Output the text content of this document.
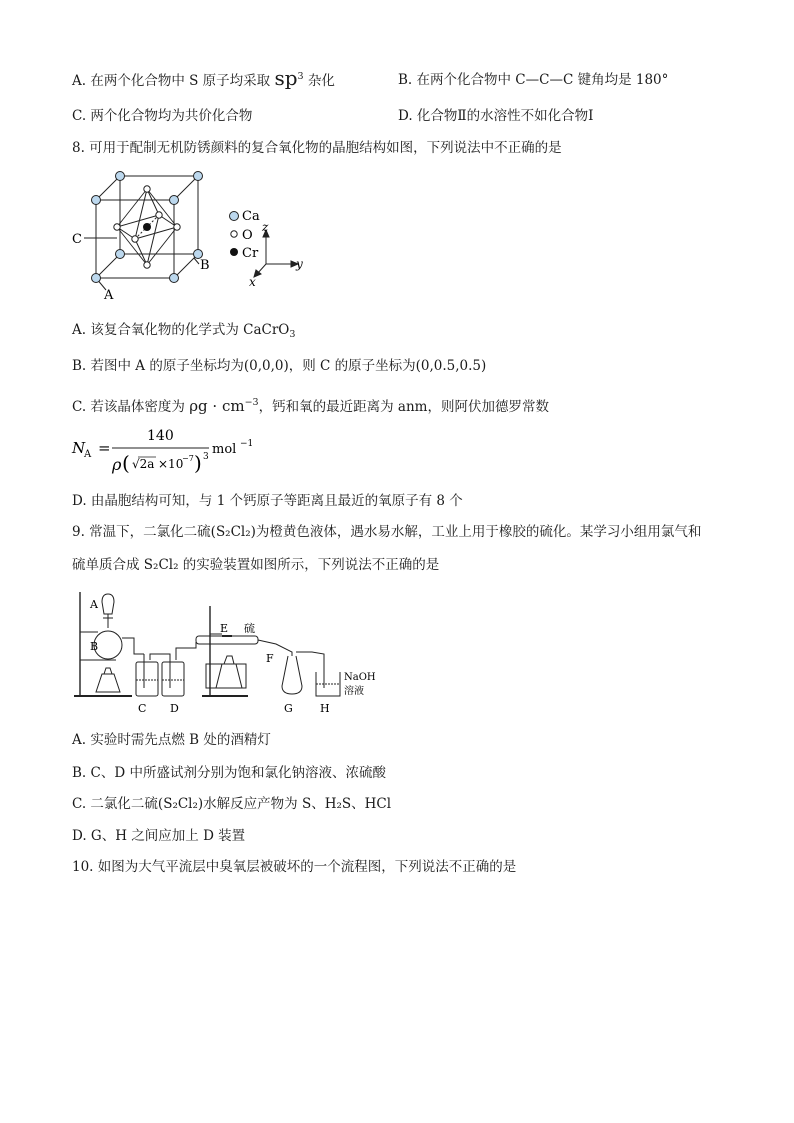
A. 在两个化合物中 S 原子均采取 $sp^3$ 杂化	B. 在两个化合物中 C—C—C 键角均是 180°
C. 两个化合物均为共价化合物	D. 化合物Ⅱ的水溶性不如化合物Ⅰ
8. 可用于配制无机防锈颜料的复合氧化物的晶胞结构如图，下列说法中不正确的是
C
B
A
Ca
O
Cr
z
y
x
A. 该复合氧化物的化学式为 CaCrO$_3$
B. 若图中 A 的原子坐标均为(0,0,0)，则 C 的原子坐标为(0,0.5,0.5)
C. 若该晶体密度为 $\rho g \cdot cm^{-3}$，钙和氧的最近距离为 anm，则阿伏加德罗常数
N
A =
140
ρ ( √2a ×10
−7 ) 3 mol −1
D. 由晶胞结构可知，与 1 个钙原子等距离且最近的氧原子有 8 个
9. 常温下，二氯化二硫(S₂Cl₂)为橙黄色液体，遇水易水解，工业上用于橡胶的硫化。某学习小组用氯气和
硫单质合成 S₂Cl₂ 的实验装置如图所示，下列说法不正确的是
A
B
C D
E 硫
F
G H
NaOH
溶液
A. 实验时需先点燃 B 处的酒精灯
B. C、D 中所盛试剂分别为饱和氯化钠溶液、浓硫酸
C. 二氯化二硫(S₂Cl₂)水解反应产物为 S、H₂S、HCl
D. G、H 之间应加上 D 装置
10. 如图为大气平流层中臭氧层被破坏的一个流程图，下列说法不正确的是
